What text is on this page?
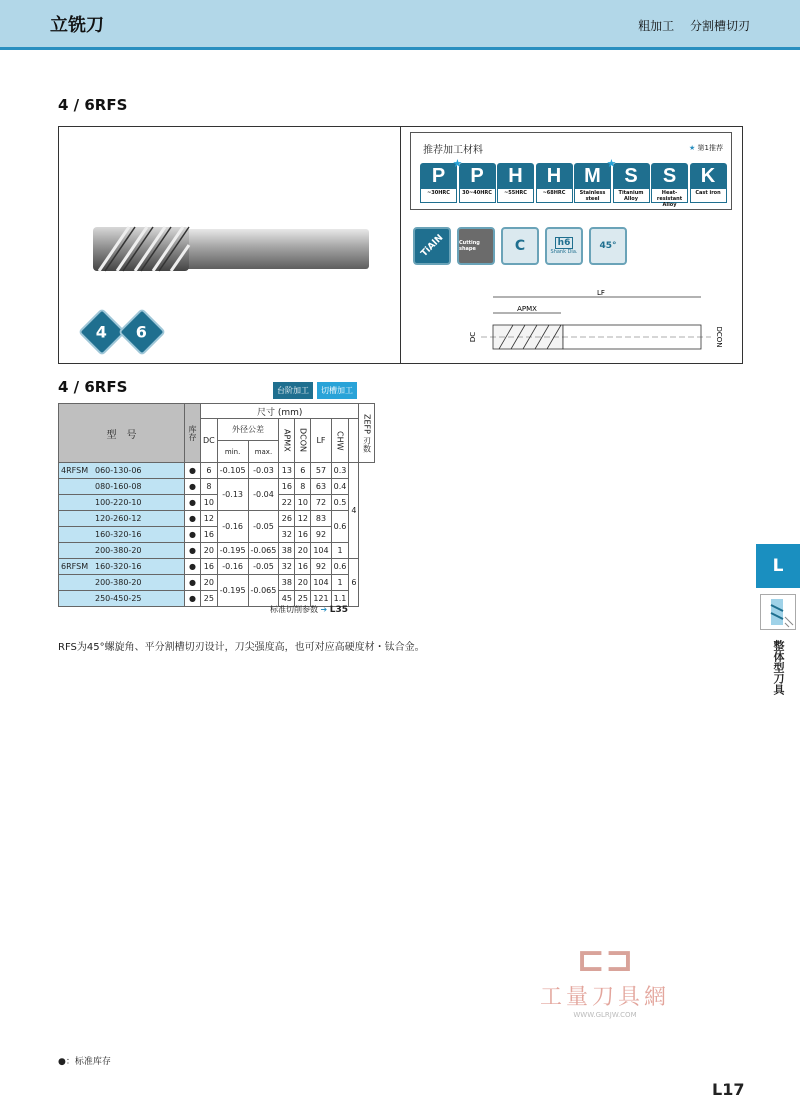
立铣刀	粗加工 分割槽切刃
4 / 6RFS
4 6
推荐加工材料	★ 第1推荐
P
~30HRC
★
P
30~40HRC
H
~55HRC
H
~68HRC
M
Stainless steel
★
S
Titanium Alloy
S
Heat-resistant Alloy
K
Cast iron
TiAlN	Cutting shape	C	h6
Shank Dia.
45°
LF
APMX
DC	DCON
4 / 6RFS	台阶加工	切槽加工
型　号	库存	尺寸 (mm)								ZEFP 刃数

		DC	外径公差		APMX	DCON	LF	CHW	
			min.	max.						
4RFSM 060-130-06	●	6	-0.105	-0.03	13	6	57	0.3	4	
080-160-08	●	8	-0.13	-0.04	16	8	63	0.4		
100-220-10	●	10			22	10	72	0.5		
120-260-12	●	12	-0.16	-0.05	26	12	83	0.6		
160-320-16	●	16			32	16	92			
200-380-20	●	20	-0.195	-0.065	38	20	104	1		
6RFSM 160-320-16	●	16	-0.16	-0.05	32	16	92	0.6	6	
200-380-20	●	20	-0.195	-0.065	38	20	104	1		
250-450-25	●	25			45	25	121	1.1		
标准切削参数 ➔ L35
RFS为45°螺旋角、平分割槽切刃设计，刀尖强度高，也可对应高硬度材・钛合金。
L
整体型刀具
⊏⊐
工量刀具網
WWW.GLRJW.COM
●：标准库存
L17
